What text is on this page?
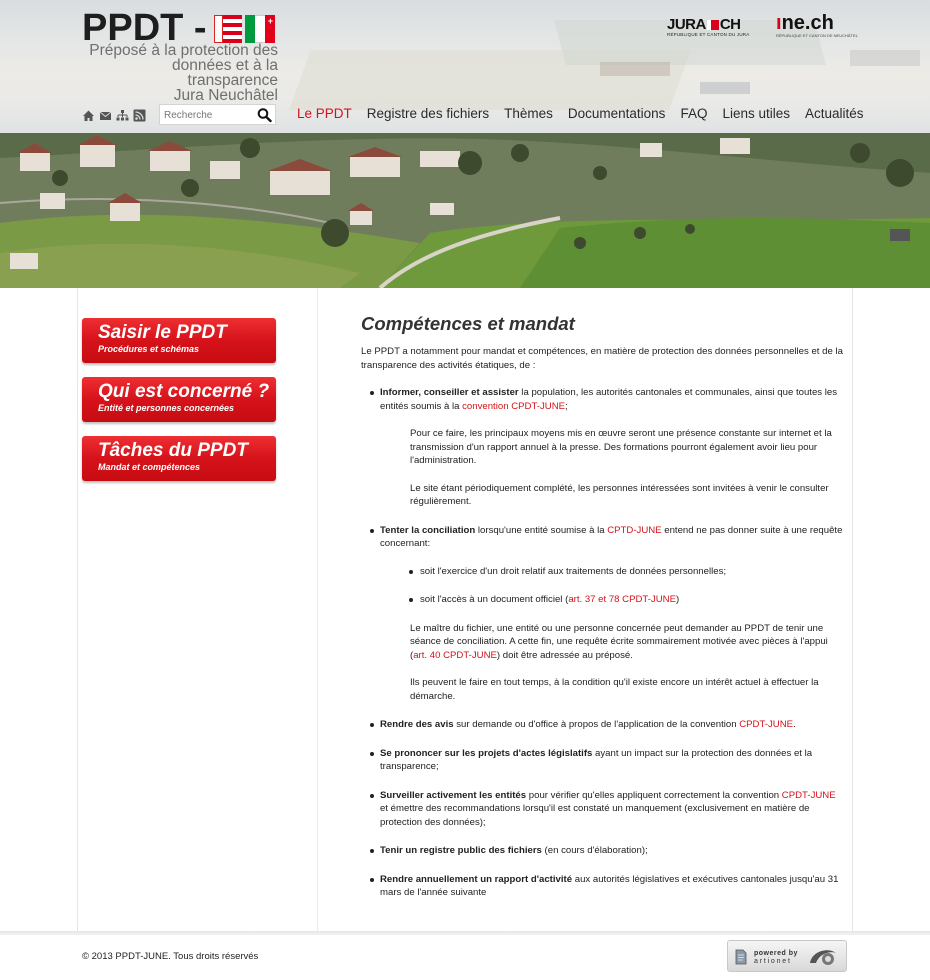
PPDT -	+
Préposé à la protection des
données et à la transparence
Jura Neuchâtel
JURA CH
RÉPUBLIQUE ET CANTON DU JURA
ıne.ch
RÉPUBLIQUE ET CANTON DE NEUCHÂTEL
Recherche
Le PPDT Registre des fichiers Thèmes Documentations FAQ Liens utiles Actualités
Saisir le PPDT
Procédures et schémas
Qui est concerné ?
Entité et personnes concernées
Tâches du PPDT
Mandat et compétences
Compétences et mandat

Le PPDT a notamment pour mandat et compétences, en matière de protection des données personnelles et de la transparence des activités étatiques, de :

Informer, conseiller et assister la population, les autorités cantonales et communales, ainsi que toutes les entités soumis à la convention CPDT-JUNE;
Pour ce faire, les principaux moyens mis en œuvre seront une présence constante sur internet et la transmission d'un rapport annuel à la presse. Des formations pourront également avoir lieu pour l'administration.
Le site étant périodiquement complété, les personnes intéressées sont invitées à venir le consulter régulièrement.
Tenter la conciliation lorsqu'une entité soumise à la CPTD-JUNE entend ne pas donner suite à une requête concernant:
soit l'exercice d'un droit relatif aux traitements de données personnelles;
soit l'accès à un document officiel (art. 37 et 78 CPDT-JUNE)
Le maître du fichier, une entité ou une personne concernée peut demander au PPDT de tenir une séance de conciliation. A cette fin, une requête écrite sommairement motivée avec pièces à l'appui (art. 40 CPDT-JUNE) doit être adressée au préposé.
Ils peuvent le faire en tout temps, à la condition qu'il existe encore un intérêt actuel à effectuer la démarche.
Rendre des avis sur demande ou d'office à propos de l'application de la convention CPDT-JUNE.
Se prononcer sur les projets d'actes législatifs ayant un impact sur la protection des données et la transparence;
Surveiller activement les entités pour vérifier qu'elles appliquent correctement la convention CPDT-JUNE et émettre des recommandations lorsqu'il est constaté un manquement (exclusivement en matière de protection des données);
Tenir un registre public des fichiers (en cours d'élaboration);
Rendre annuellement un rapport d'activité aux autorités législatives et exécutives cantonales jusqu'au 31 mars de l'année suivante
© 2013 PPDT-JUNE. Tous droits réservés	powered by
artionet
